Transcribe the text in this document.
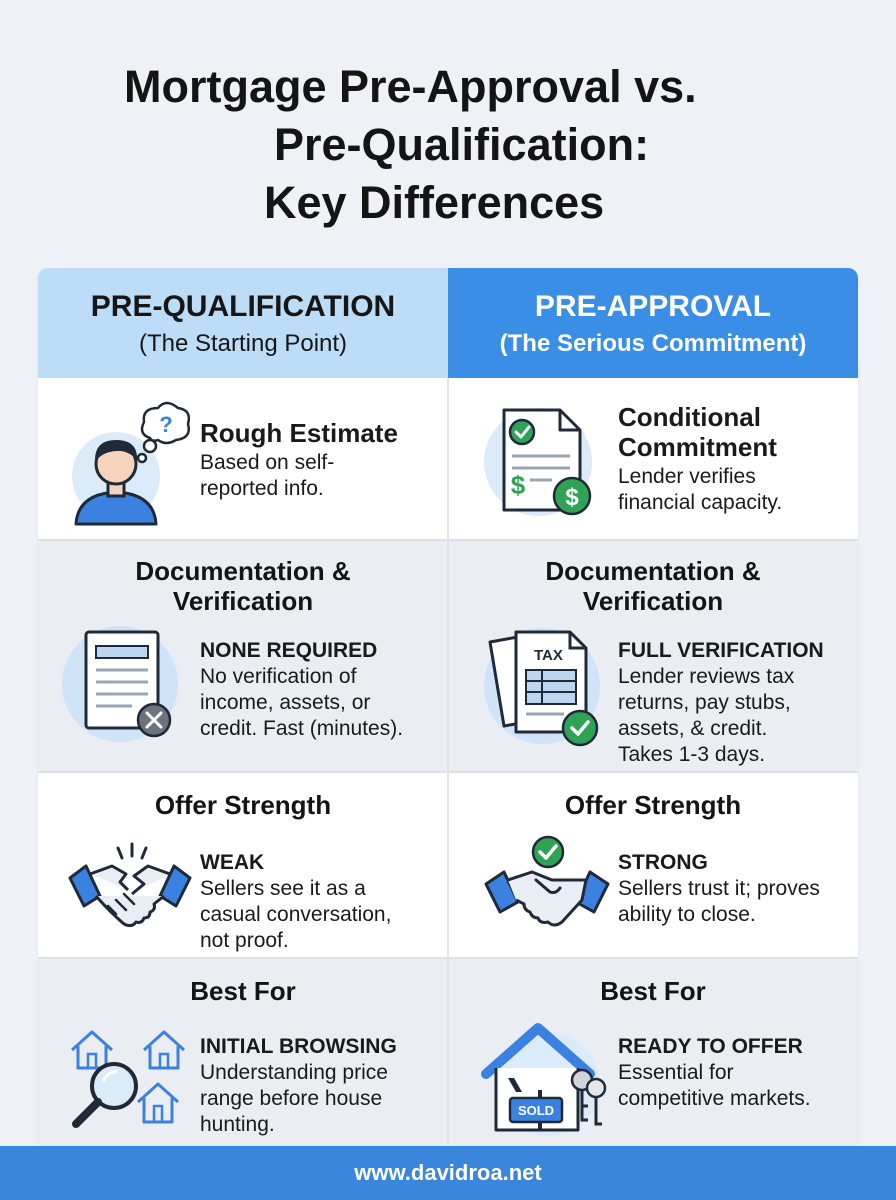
Mortgage Pre-Approval vs.
Pre-Qualification:
Key Differences
PRE-QUALIFICATION
(The Starting Point)
PRE-APPROVAL
(The Serious Commitment)
? Rough Estimate
Based on self-
reported info.	$ $
Conditional
Commitment
Lender verifies
financial capacity.
Documentation &
Verification
NONE REQUIRED
No verification of
income, assets, or
credit. Fast (minutes).
Documentation &
Verification
TAX	FULL VERIFICATION
Lender reviews tax
returns, pay stubs,
assets, & credit.
Takes 1-3 days.
Offer Strength
WEAK
Sellers see it as a
casual conversation,
not proof.
Offer Strength
STRONG
Sellers trust it; proves
ability to close.
Best For
INITIAL BROWSING
Understanding price
range before house
hunting.
Best For
SOLD
READY TO OFFER
Essential for
competitive markets.
www.davidroa.net
